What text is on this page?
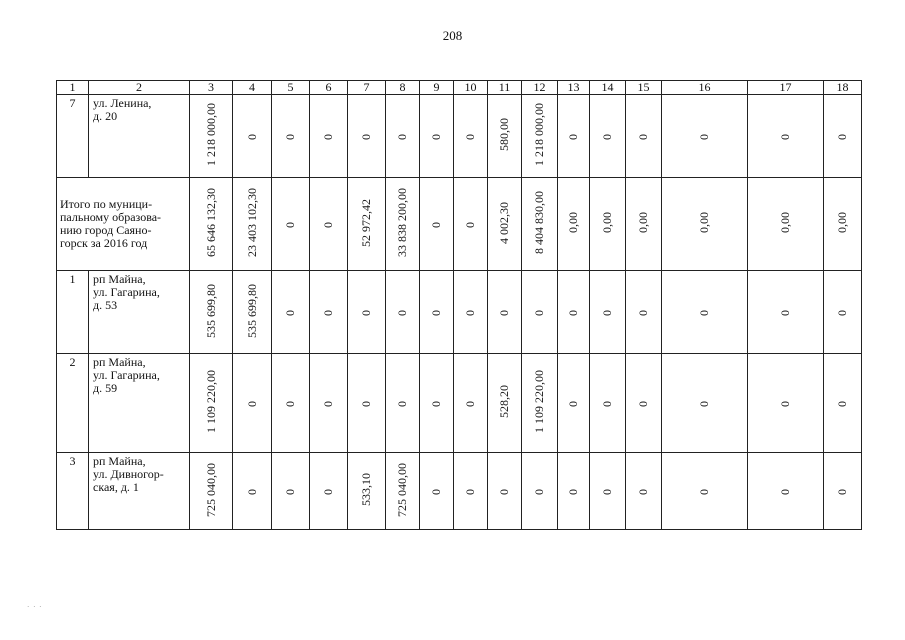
208
1	2	3	4	5	6	7	8	9	10	11	12	13	14	15	16	17	18
7	ул. Ленина,
д. 20	1 218 000,00	0	0	0	0	0	0	0	580,00	1 218 000,00	0	0	0	0	0	0

Итого по муници-
пальному образова-
нию город Саяно-
горск за 2016 год		65 646 132,30	23 403 102,30	0	0	52 972,42	33 838 200,00	0	0	4 002,30	8 404 830,00	0,00	0,00	0,00	0,00	0,00	0,00
1	рп Майна,
ул. Гагарина,
д. 53	535 699,80	535 699,80	0	0	0	0	0	0	0	0	0	0	0	0	0	0
2	рп Майна,
ул. Гагарина,
д. 59	1 109 220,00	0	0	0	0	0	0	0	528,20	1 109 220,00	0	0	0	0	0	0
3	рп Майна,
ул. Дивногор-
ская, д. 1	725 040,00	0	0	0	533,10	725 040,00	0	0	0	0	0	0	0	0	0	0
· · ·
